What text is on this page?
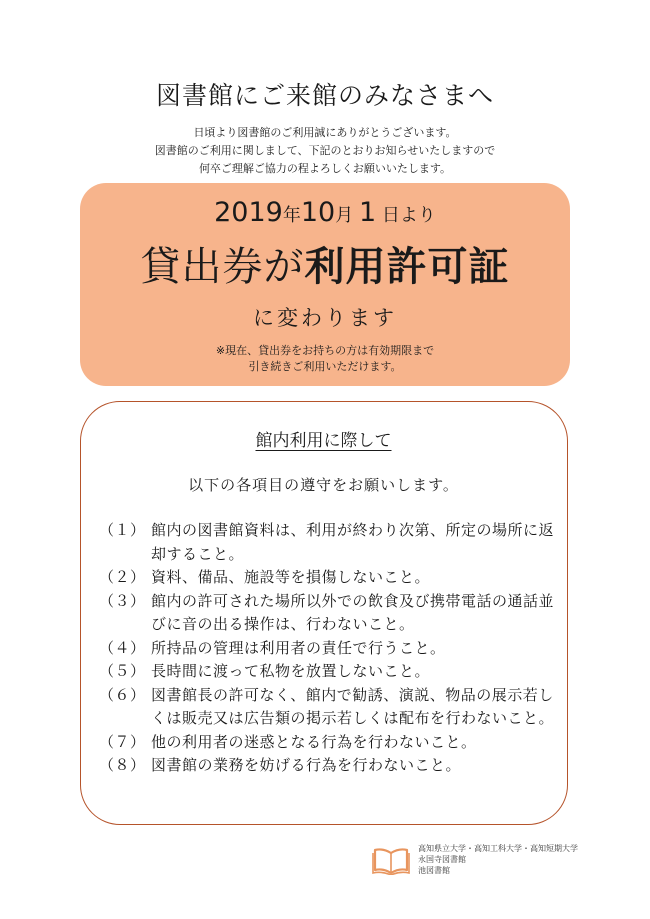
図書館にご来館のみなさまへ
日頃より図書館のご利用誠にありがとうございます。
図書館のご利用に関しまして、下記のとおりお知らせいたしますので
何卒ご理解ご協力の程よろしくお願いいたします。
2019年10月 1 日より
貸出券が利用許可証
に変わります
※現在、貸出券をお持ちの方は有効期限まで
引き続きご利用いただけます。
館内利用に際して
以下の各項目の遵守をお願いします。
（１） 館内の図書館資料は、利用が終わり次第、所定の場所に返却すること。
（２） 資料、備品、施設等を損傷しないこと。
（３） 館内の許可された場所以外での飲食及び携帯電話の通話並びに音の出る操作は、行わないこと。
（４） 所持品の管理は利用者の責任で行うこと。
（５） 長時間に渡って私物を放置しないこと。
（６） 図書館長の許可なく、館内で勧誘、演説、物品の展示若しくは販売又は広告類の掲示若しくは配布を行わないこと。
（７） 他の利用者の迷惑となる行為を行わないこと。
（８） 図書館の業務を妨げる行為を行わないこと。
高知県立大学・高知工科大学・高知短期大学
永国寺図書館
池図書館
